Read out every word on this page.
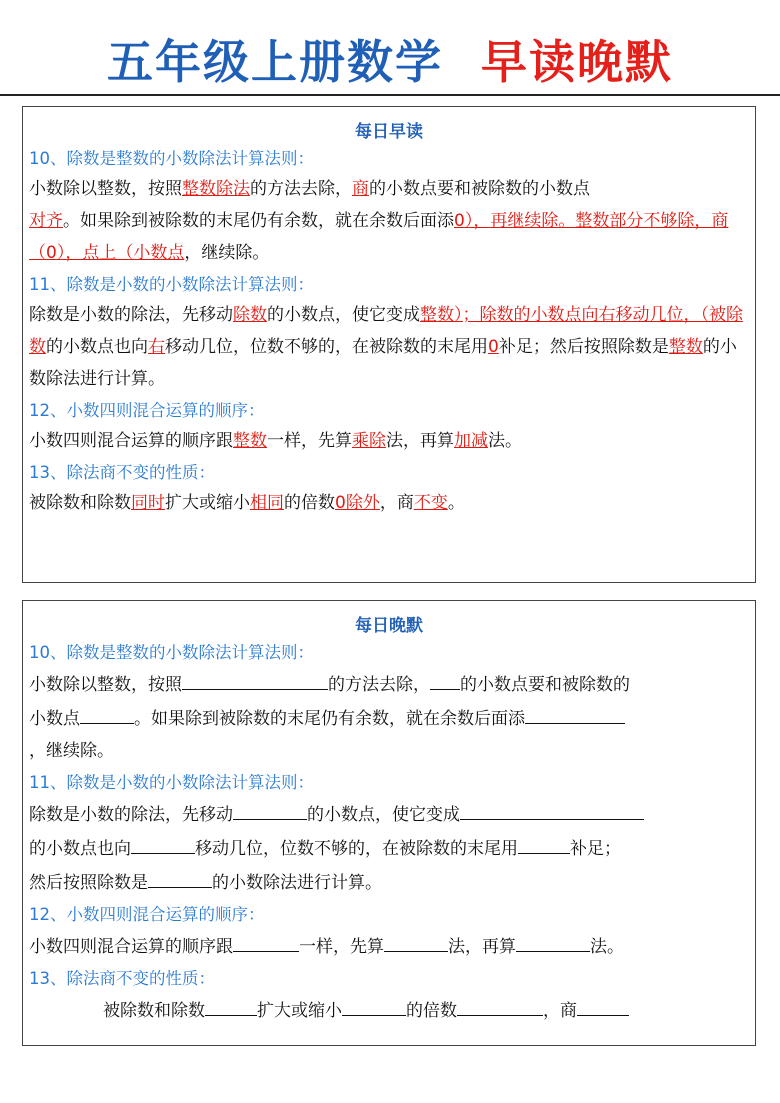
五年级上册数学 早读晚默
每日早读
10、除数是整数的小数除法计算法则：
小数除以整数，按照整数除法的方法去除，商的小数点要和被除数的小数点
对齐。如果除到被除数的末尾仍有余数，就在余数后面添0），再继续除。整数部分不够除，商（0），点上（小数点，继续除。
11、除数是小数的小数除法计算法则：
除数是小数的除法，先移动除数的小数点，使它变成整数）；除数的小数点向右移动几位，（被除数的小数点也向右移动几位，位数不够的，在被除数的末尾用0补足；然后按照除数是整数的小数除法进行计算。
12、小数四则混合运算的顺序：
小数四则混合运算的顺序跟整数一样，先算乘除法，再算加减法。
13、除法商不变的性质：
被除数和除数同时扩大或缩小相同的倍数0除外，商不变。
每日晚默
10、除数是整数的小数除法计算法则：
小数除以整数，按照	的方法去除， 的小数点要和被除数的
小数点	。如果除到被除数的末尾仍有余数，就在余数后面添
，继续除。
11、除数是小数的小数除法计算法则：
除数是小数的除法，先移动	的小数点，使它变成
的小数点也向	移动几位，位数不够的，在被除数的末尾用	补足；
然后按照除数是	的小数除法进行计算。
12、小数四则混合运算的顺序：
小数四则混合运算的顺序跟	一样，先算	法，再算	法。
13、除法商不变的性质：
被除数和除数	扩大或缩小	的倍数	，商
